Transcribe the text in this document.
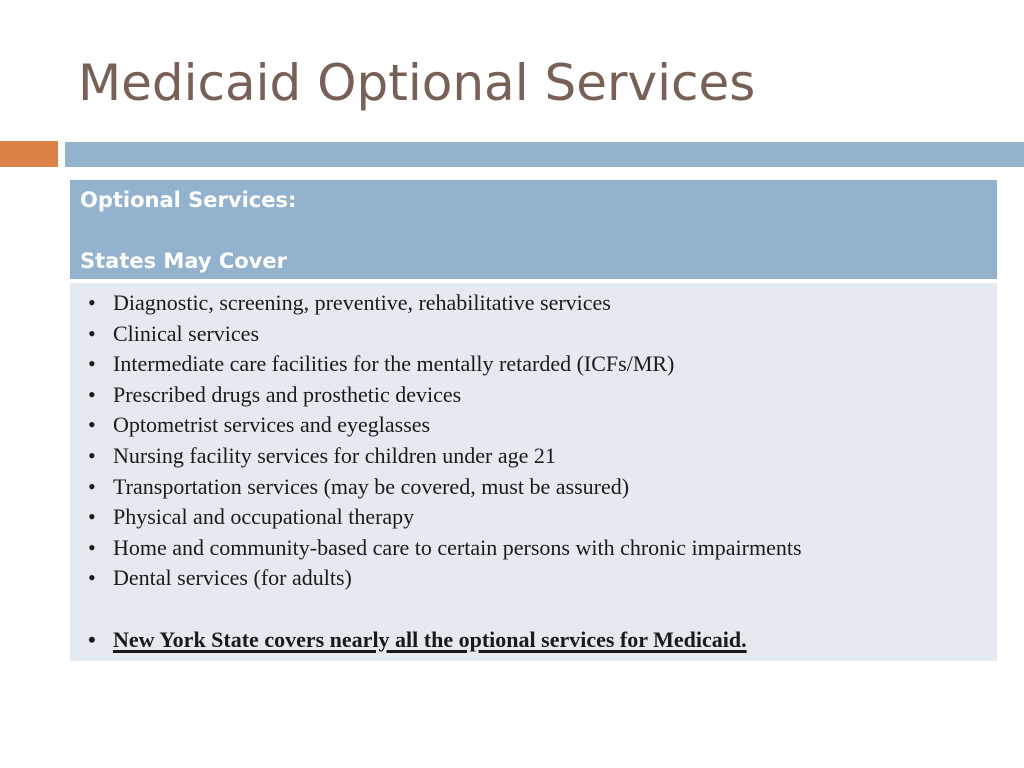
Medicaid Optional Services
Optional Services:
States May Cover
• Diagnostic, screening, preventive, rehabilitative services
• Clinical services
• Intermediate care facilities for the mentally retarded (ICFs/MR)
• Prescribed drugs and prosthetic devices
• Optometrist services and eyeglasses
• Nursing facility services for children under age 21
• Transportation services (may be covered, must be assured)
• Physical and occupational therapy
• Home and community-based care to certain persons with chronic impairments
• Dental services (for adults)
• New York State covers nearly all the optional services for Medicaid.
